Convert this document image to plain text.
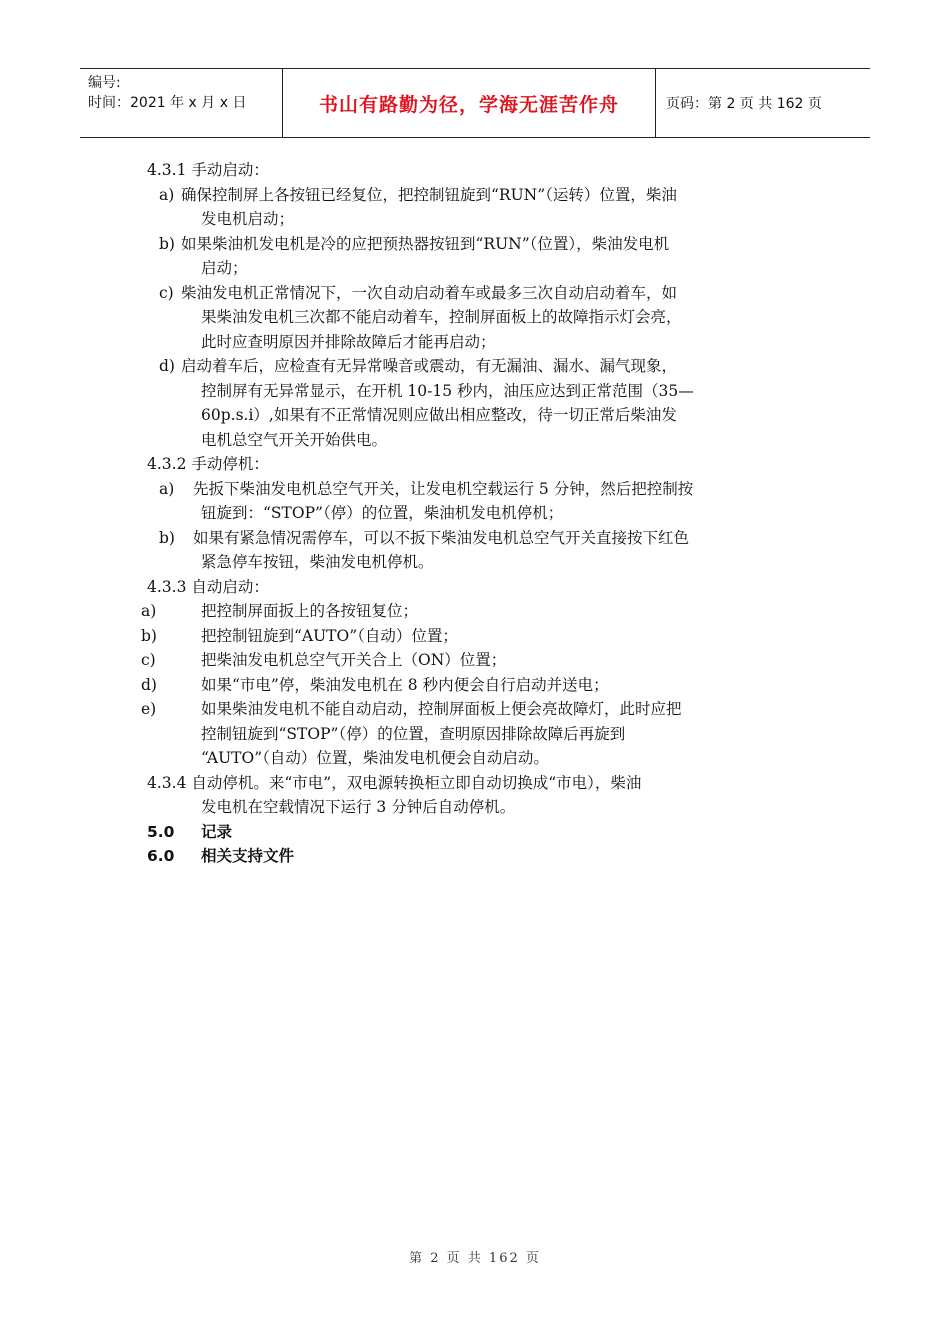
编号:
时间：2021 年 x 月 x 日	书山有路勤为径，学海无涯苦作舟	页码：第 2 页 共 162 页
4.3.1 手动启动：
a) 确保控制屏上各按钮已经复位，把控制钮旋到“RUN”（运转）位置，柴油
发电机启动；
b) 如果柴油机发电机是冷的应把预热器按钮到“RUN”（位置），柴油发电机
启动；
c) 柴油发电机正常情况下，一次自动启动着车或最多三次自动启动着车，如
果柴油发电机三次都不能启动着车，控制屏面板上的故障指示灯会亮，
此时应查明原因并排除故障后才能再启动；
d) 启动着车后，应检查有无异常噪音或震动，有无漏油、漏水、漏气现象，
控制屏有无异常显示，在开机 10-15 秒内，油压应达到正常范围（35—
60p.s.i）,如果有不正常情况则应做出相应整改，待一切正常后柴油发
电机总空气开关开始供电。
4.3.2 手动停机：
a) 先扳下柴油发电机总空气开关，让发电机空载运行 5 分钟，然后把控制按
钮旋到：“STOP”（停）的位置，柴油机发电机停机；
b) 如果有紧急情况需停车，可以不扳下柴油发电机总空气开关直接按下红色
紧急停车按钮，柴油发电机停机。
4.3.3 自动启动：
a)	把控制屏面扳上的各按钮复位；
b)	把控制钮旋到“AUTO”（自动）位置；
c)	把柴油发电机总空气开关合上（ON）位置；
d)	如果“市电”停，柴油发电机在 8 秒内便会自行启动并送电；
e)	如果柴油发电机不能自动启动，控制屏面板上便会亮故障灯，此时应把
控制钮旋到“STOP”（停）的位置，查明原因排除故障后再旋到
“AUTO”（自动）位置，柴油发电机便会自动启动。
4.3.4 自动停机。来“市电”，双电源转换柜立即自动切换成“市电），柴油
发电机在空载情况下运行 3 分钟后自动停机。
5.0 记录
6.0 相关支持文件
第 2 页 共 162 页
